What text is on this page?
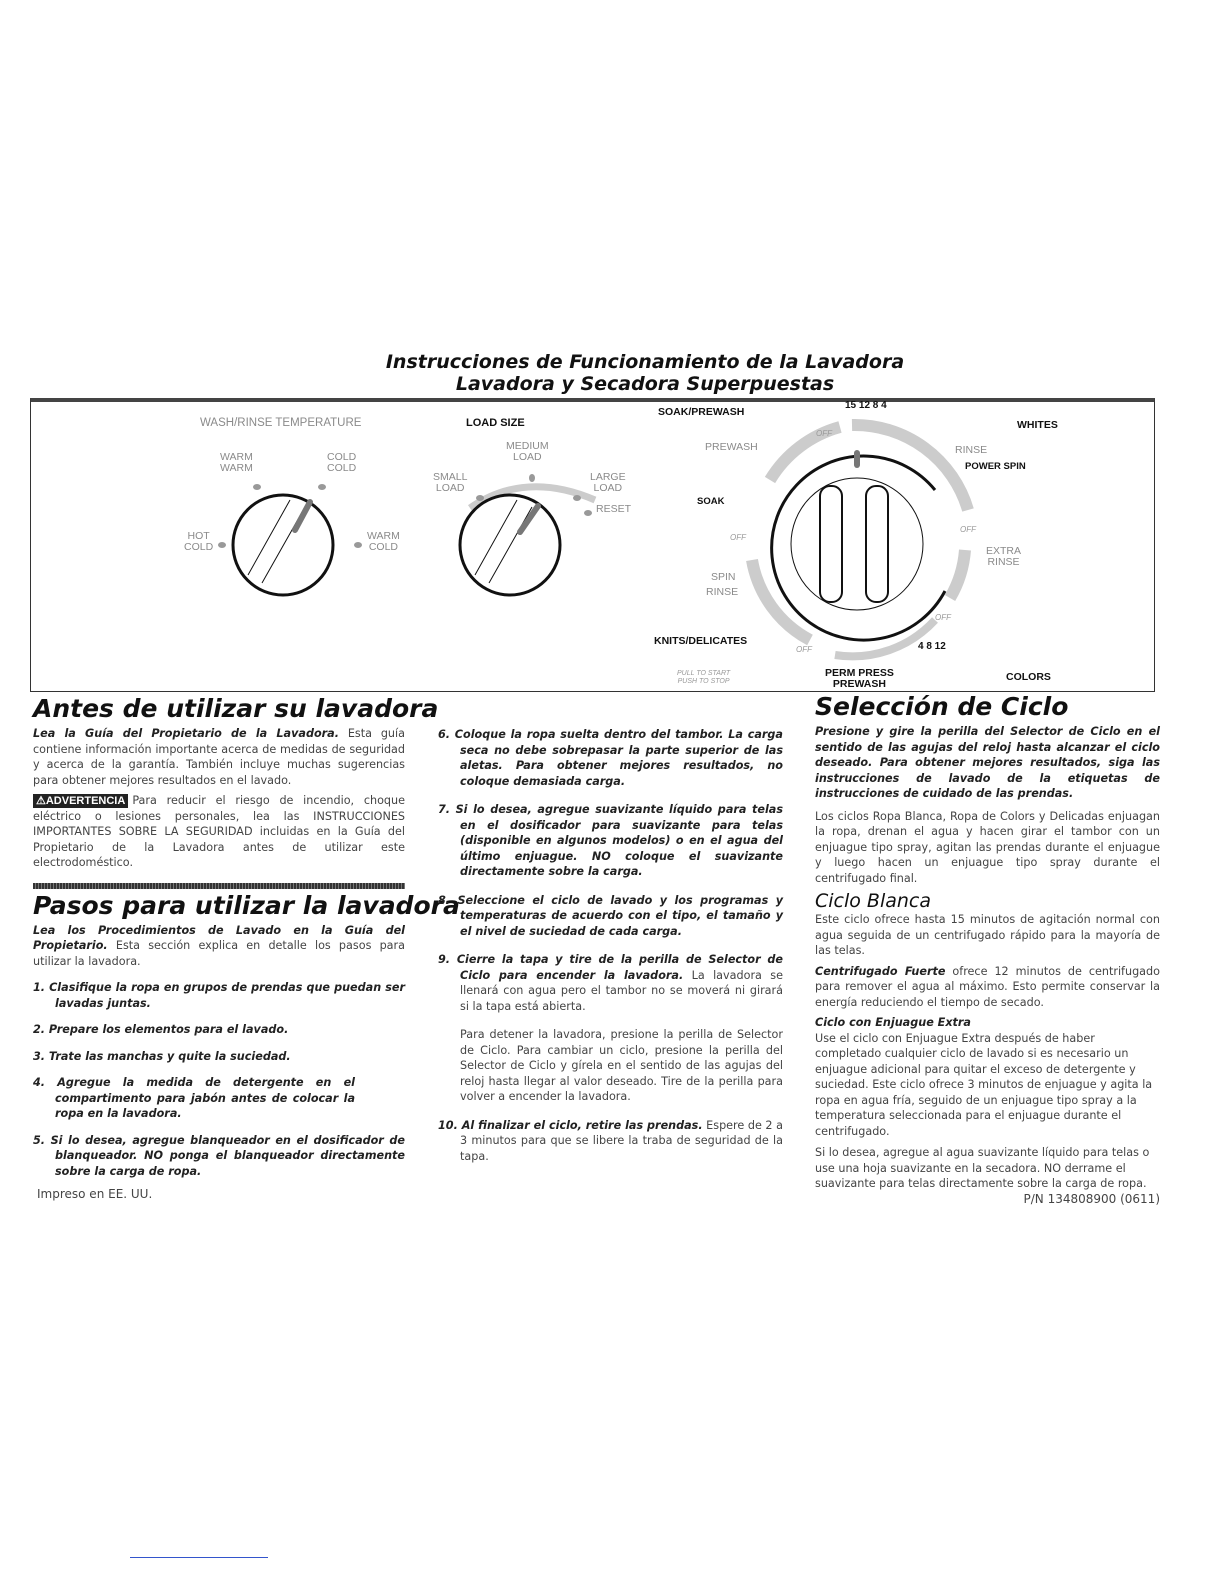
Instrucciones de Funcionamiento de la Lavadora
Lavadora y Secadora Superpuestas
WASH/RINSE TEMPERATURE
WARM
WARM
COLD
COLD
HOT
COLD
WARM
COLD
LOAD SIZE
MEDIUM
LOAD
SMALL
LOAD
LARGE
LOAD
RESET
SOAK/PREWASH
15 12 8 4
WHITES
OFF
PREWASH	RINSE
POWER SPIN
SOAK
OFF
OFF
EXTRA
RINSE
SPIN
RINSE
OFF
KNITS/DELICATES
OFF	4 8 12
PULL TO START
PUSH TO STOP
PERM PRESS
PREWASH
COLORS
Antes de utilizar su lavadora

Lea la Guía del Propietario de la Lavadora. Esta guía contiene información importante acerca de medidas de seguridad y acerca de la garantía. También incluye muchas sugerencias para obtener mejores resultados en el lavado.

⚠ADVERTENCIA Para reducir el riesgo de incendio, choque eléctrico o lesiones personales, lea las INSTRUCCIONES IMPORTANTES SOBRE LA SEGURIDAD incluidas en la Guía del Propietario de la Lavadora antes de utilizar este electrodoméstico.

Pasos para utilizar la lavadora

Lea los Procedimientos de Lavado en la Guía del Propietario. Esta sección explica en detalle los pasos para utilizar la lavadora.

1. Clasifique la ropa en grupos de prendas que puedan ser lavadas juntas.

2. Prepare los elementos para el lavado.

3. Trate las manchas y quite la suciedad.

4. Agregue la medida de detergente en el compartimento para jabón antes de colocar la ropa en la lavadora.

5. Si lo desea, agregue blanqueador en el dosificador de blanqueador. NO ponga el blanqueador directamente sobre la carga de ropa.

Impreso en EE. UU.

6. Coloque la ropa suelta dentro del tambor. La carga seca no debe sobrepasar la parte superior de las aletas. Para obtener mejores resultados, no coloque demasiada carga.

7. Si lo desea, agregue suavizante líquido para telas en el dosificador para suavizante para telas (disponible en algunos modelos) o en el agua del último enjuague. NO coloque el suavizante directamente sobre la carga.

8. Seleccione el ciclo de lavado y los programas y temperaturas de acuerdo con el tipo, el tamaño y el nivel de suciedad de cada carga.

9. Cierre la tapa y tire de la perilla de Selector de Ciclo para encender la lavadora. La lavadora se llenará con agua pero el tambor no se moverá ni girará si la tapa está abierta.

Para detener la lavadora, presione la perilla de Selector de Ciclo. Para cambiar un ciclo, presione la perilla del Selector de Ciclo y gírela en el sentido de las agujas del reloj hasta llegar al valor deseado. Tire de la perilla para volver a encender la lavadora.

10. Al finalizar el ciclo, retire las prendas. Espere de 2 a 3 minutos para que se libere la traba de seguridad de la tapa.

Selección de Ciclo

Presione y gire la perilla del Selector de Ciclo en el sentido de las agujas del reloj hasta alcanzar el ciclo deseado. Para obtener mejores resultados, siga las instrucciones de lavado de la etiquetas de instrucciones de cuidado de las prendas.

Los ciclos Ropa Blanca, Ropa de Colors y Delicadas enjuagan la ropa, drenan el agua y hacen girar el tambor con un enjuague tipo spray, agitan las prendas durante el enjuague y luego hacen un enjuague tipo spray durante el centrifugado final.

Ciclo Blanca

Este ciclo ofrece hasta 15 minutos de agitación normal con agua seguida de un centrifugado rápido para la mayoría de las telas.

Centrifugado Fuerte ofrece 12 minutos de centrifugado para remover el agua al máximo. Esto permite conservar la energía reduciendo el tiempo de secado.

Ciclo con Enjuague Extra

Use el ciclo con Enjuague Extra después de haber completado cualquier ciclo de lavado si es necesario un enjuague adicional para quitar el exceso de detergente y suciedad. Este ciclo ofrece 3 minutos de enjuague y agita la ropa en agua fría, seguido de un enjuague tipo spray a la temperatura seleccionada para el enjuague durante el centrifugado.

Si lo desea, agregue al agua suavizante líquido para telas o use una hoja suavizante en la secadora. NO derrame el suavizante para telas directamente sobre la carga de ropa.

P/N 134808900 (0611)
